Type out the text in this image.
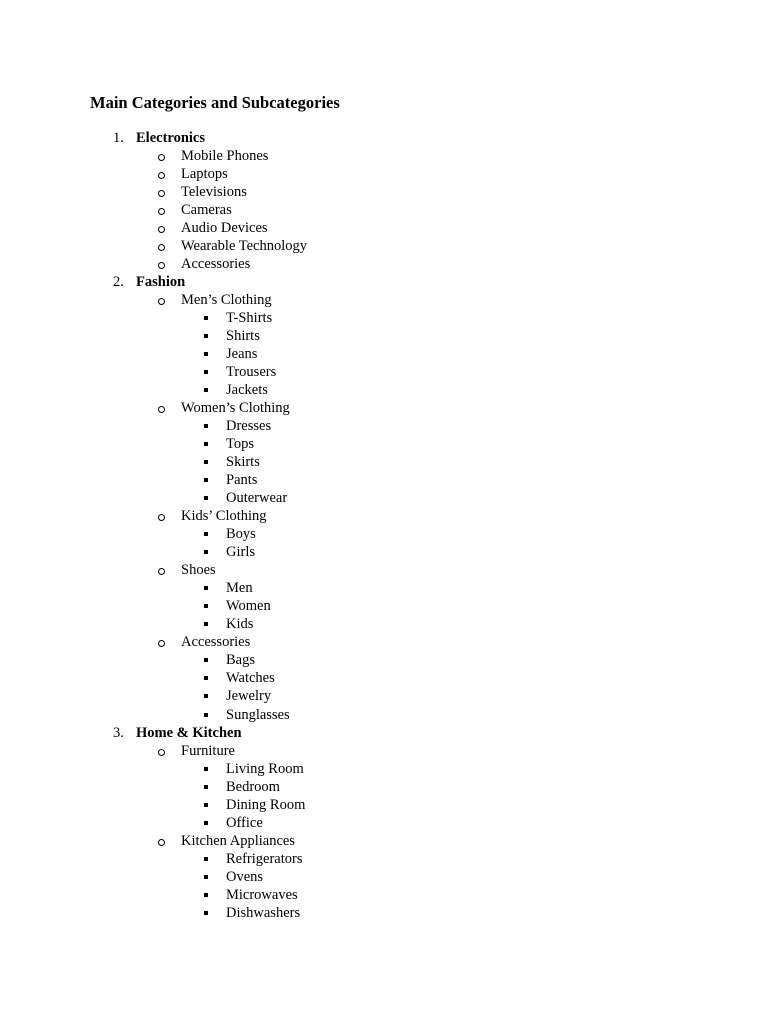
Main Categories and Subcategories
1. Electronics
Mobile Phones
Laptops
Televisions
Cameras
Audio Devices
Wearable Technology
Accessories
2. Fashion
Men’s Clothing
T-Shirts
Shirts
Jeans
Trousers
Jackets
Women’s Clothing
Dresses
Tops
Skirts
Pants
Outerwear
Kids’ Clothing
Boys
Girls
Shoes
Men
Women
Kids
Accessories
Bags
Watches
Jewelry
Sunglasses
3. Home & Kitchen
Furniture
Living Room
Bedroom
Dining Room
Office
Kitchen Appliances
Refrigerators
Ovens
Microwaves
Dishwashers
